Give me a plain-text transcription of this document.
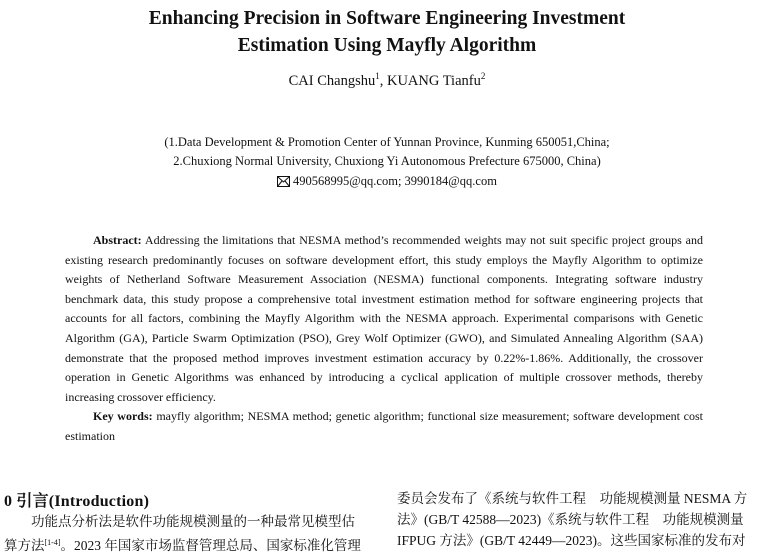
Enhancing Precision in Software Engineering Investment
Estimation Using Mayfly Algorithm
CAI Changshu$^1$, KUANG Tianfu$^2$
(1.Data Development & Promotion Center of Yunnan Province, Kunming 650051,China;
2.Chuxiong Normal University, Chuxiong Yi Autonomous Prefecture 675000, China)
490568995@qq.com; 3990184@qq.com

Abstract: Addressing the limitations that NESMA method’s recommended weights may not suit specific project groups and existing research predominantly focuses on software development effort, this study employs the Mayfly Algorithm to optimize weights of Netherland Software Measurement Association (NESMA) functional components. Integrating software industry benchmark data, this study propose a comprehensive total investment estimation method for software engineering projects that accounts for all factors, combining the Mayfly Algorithm with the NESMA approach. Experimental comparisons with Genetic Algorithm (GA), Particle Swarm Optimization (PSO), Grey Wolf Optimizer (GWO), and Simulated Annealing Algorithm (SAA) demonstrate that the proposed method improves investment estimation accuracy by 0.22%-1.86%. Additionally, the crossover operation in Genetic Algorithms was enhanced by introducing a cyclical application of multiple crossover methods, thereby increasing crossover efficiency.

Key words: mayfly algorithm; NESMA method; genetic algorithm; functional size measurement; software development cost estimation

0 引言(Introduction)
功能点分析法是软件功能规模测量的一种最常见模型估
算方法[1-4]。2023 年国家市场监督管理总局、国家标准化管理
委员会发布了《系统与软件工程　功能规模测量 NESMA 方
法》(GB/T 42588—2023)《系统与软件工程　功能规模测量
IFPUG 方法》(GB/T 42449—2023)。这些国家标准的发布对
